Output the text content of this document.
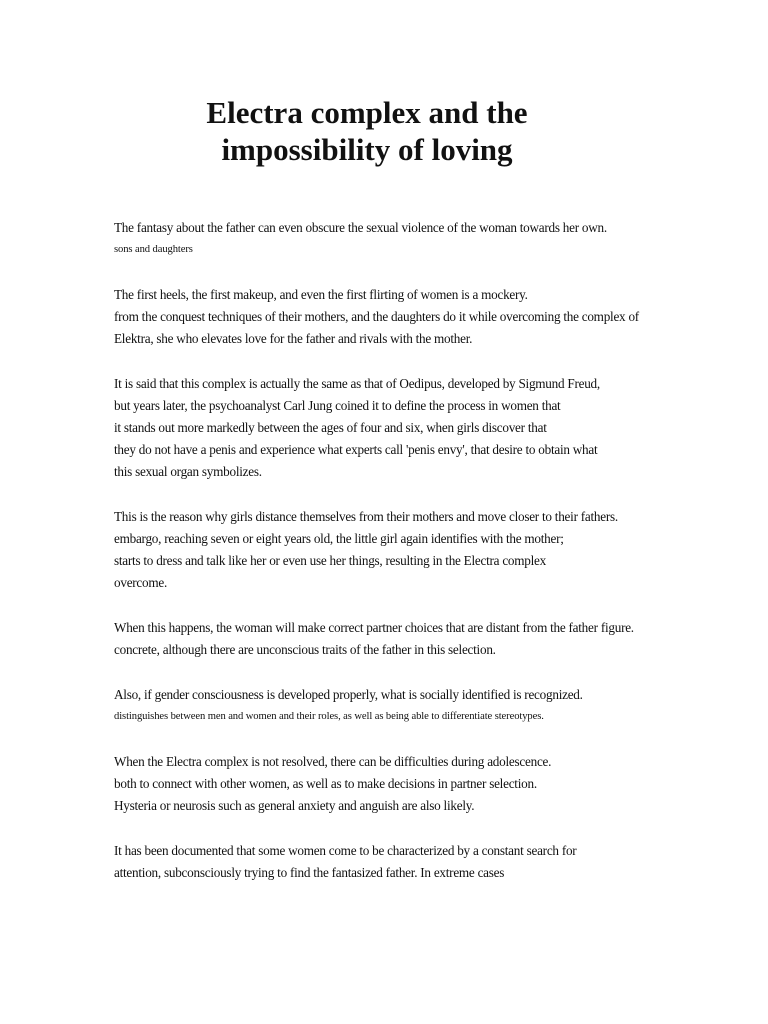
Electra complex and the
impossibility of loving

The fantasy about the father can even obscure the sexual violence of the woman towards her own.
sons and daughters

The first heels, the first makeup, and even the first flirting of women is a mockery.
from the conquest techniques of their mothers, and the daughters do it while overcoming the complex of
Elektra, she who elevates love for the father and rivals with the mother.

It is said that this complex is actually the same as that of Oedipus, developed by Sigmund Freud,
but years later, the psychoanalyst Carl Jung coined it to define the process in women that
it stands out more markedly between the ages of four and six, when girls discover that
they do not have a penis and experience what experts call 'penis envy', that desire to obtain what
this sexual organ symbolizes.

This is the reason why girls distance themselves from their mothers and move closer to their fathers.
embargo, reaching seven or eight years old, the little girl again identifies with the mother;
starts to dress and talk like her or even use her things, resulting in the Electra complex
overcome.

When this happens, the woman will make correct partner choices that are distant from the father figure.
concrete, although there are unconscious traits of the father in this selection.

Also, if gender consciousness is developed properly, what is socially identified is recognized.
distinguishes between men and women and their roles, as well as being able to differentiate stereotypes.

When the Electra complex is not resolved, there can be difficulties during adolescence.
both to connect with other women, as well as to make decisions in partner selection.
Hysteria or neurosis such as general anxiety and anguish are also likely.

It has been documented that some women come to be characterized by a constant search for
attention, subconsciously trying to find the fantasized father. In extreme cases
